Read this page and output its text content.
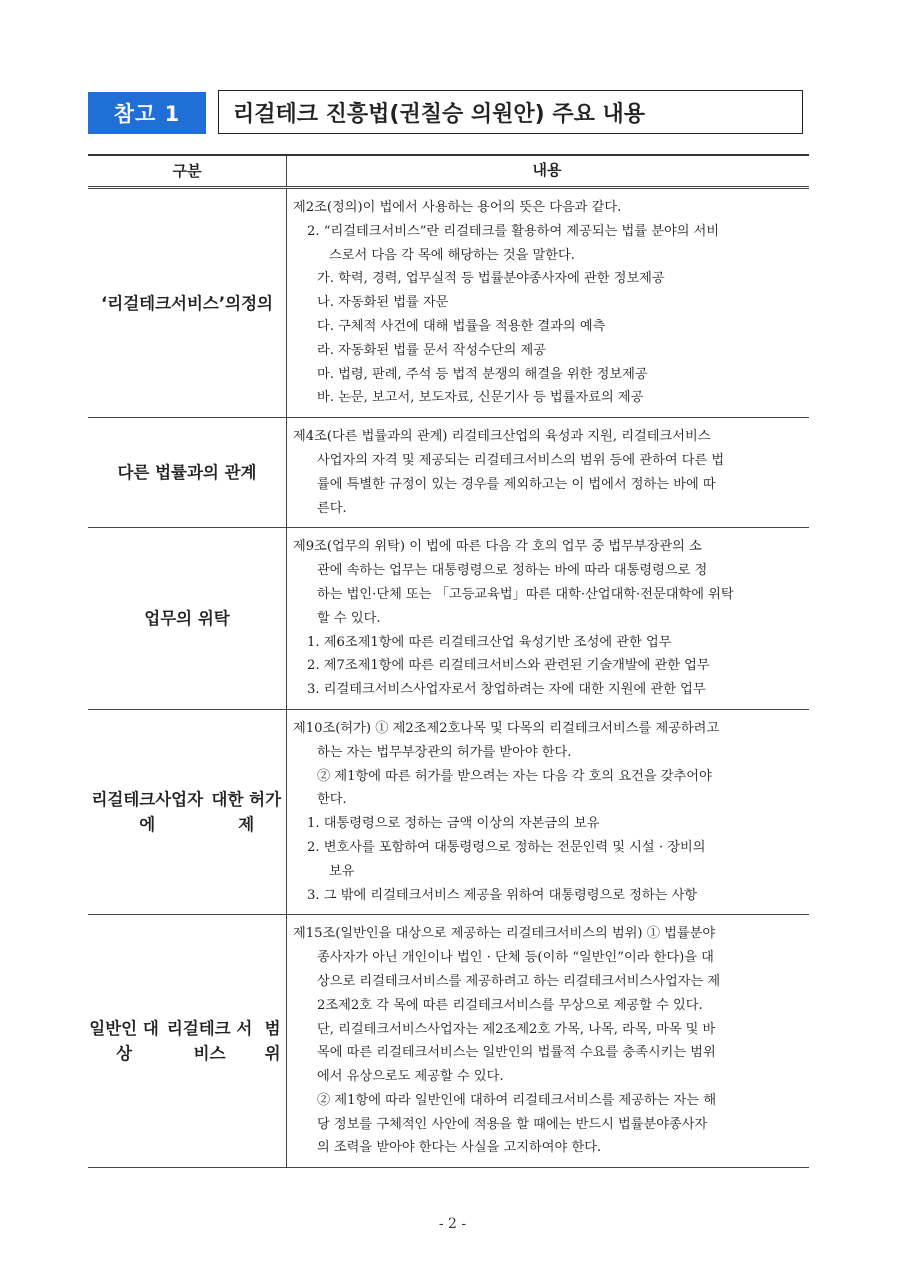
참고 1	리걸테크 진흥법(권칠승 의원안) 주요 내용
구분	내용
‘리걸테크서비스’의 정의
제2조(정의)이 법에서 사용하는 용어의 뜻은 다음과 같다.
2. “리걸테크서비스”란 리걸테크를 활용하여 제공되는 법률 분야의 서비
스로서 다음 각 목에 해당하는 것을 말한다.
가. 학력, 경력, 업무실적 등 법률분야종사자에 관한 정보제공
나. 자동화된 법률 자문
다. 구체적 사건에 대해 법률을 적용한 결과의 예측
라. 자동화된 법률 문서 작성수단의 제공
마. 법령, 판례, 주석 등 법적 분쟁의 해결을 위한 정보제공
바. 논문, 보고서, 보도자료, 신문기사 등 법률자료의 제공
다른 법률과의 관계
제4조(다른 법률과의 관계) 리걸테크산업의 육성과 지원, 리걸테크서비스
사업자의 자격 및 제공되는 리걸테크서비스의 범위 등에 관하여 다른 법
률에 특별한 규정이 있는 경우를 제외하고는 이 법에서 정하는 바에 따
른다.
업무의 위탁
제9조(업무의 위탁) 이 법에 따른 다음 각 호의 업무 중 법무부장관의 소
관에 속하는 업무는 대통령령으로 정하는 바에 따라 대통령령으로 정
하는 법인·단체 또는 「고등교육법」따른 대학·산업대학·전문대학에 위탁
할 수 있다.
1. 제6조제1항에 따른 리걸테크산업 육성기반 조성에 관한 업무
2. 제7조제1항에 따른 리걸테크서비스와 관련된 기술개발에 관한 업무
3. 리걸테크서비스사업자로서 창업하려는 자에 대한 지원에 관한 업무
리걸테크사업자에
대한 허가제
제10조(허가) ① 제2조제2호나목 및 다목의 리걸테크서비스를 제공하려고
하는 자는 법무부장관의 허가를 받아야 한다.
② 제1항에 따른 허가를 받으려는 자는 다음 각 호의 요건을 갖추어야
한다.
1. 대통령령으로 정하는 금액 이상의 자본금의 보유
2. 변호사를 포함하여 대통령령으로 정하는 전문인력 및 시설 · 장비의
보유
3. 그 밖에 리걸테크서비스 제공을 위하여 대통령령으로 정하는 사항
일반인 대상
리걸테크 서비스
범위
제15조(일반인을 대상으로 제공하는 리걸테크서비스의 범위) ① 법률분야
종사자가 아닌 개인이나 법인 · 단체 등(이하 “일반인”이라 한다)을 대
상으로 리걸테크서비스를 제공하려고 하는 리걸테크서비스사업자는 제
2조제2호 각 목에 따른 리걸테크서비스를 무상으로 제공할 수 있다.
단, 리걸테크서비스사업자는 제2조제2호 가목, 나목, 라목, 마목 및 바
목에 따른 리걸테크서비스는 일반인의 법률적 수요를 충족시키는 범위
에서 유상으로도 제공할 수 있다.
② 제1항에 따라 일반인에 대하여 리걸테크서비스를 제공하는 자는 해
당 정보를 구체적인 사안에 적용을 할 때에는 반드시 법률분야종사자
의 조력을 받아야 한다는 사실을 고지하여야 한다.
- 2 -
